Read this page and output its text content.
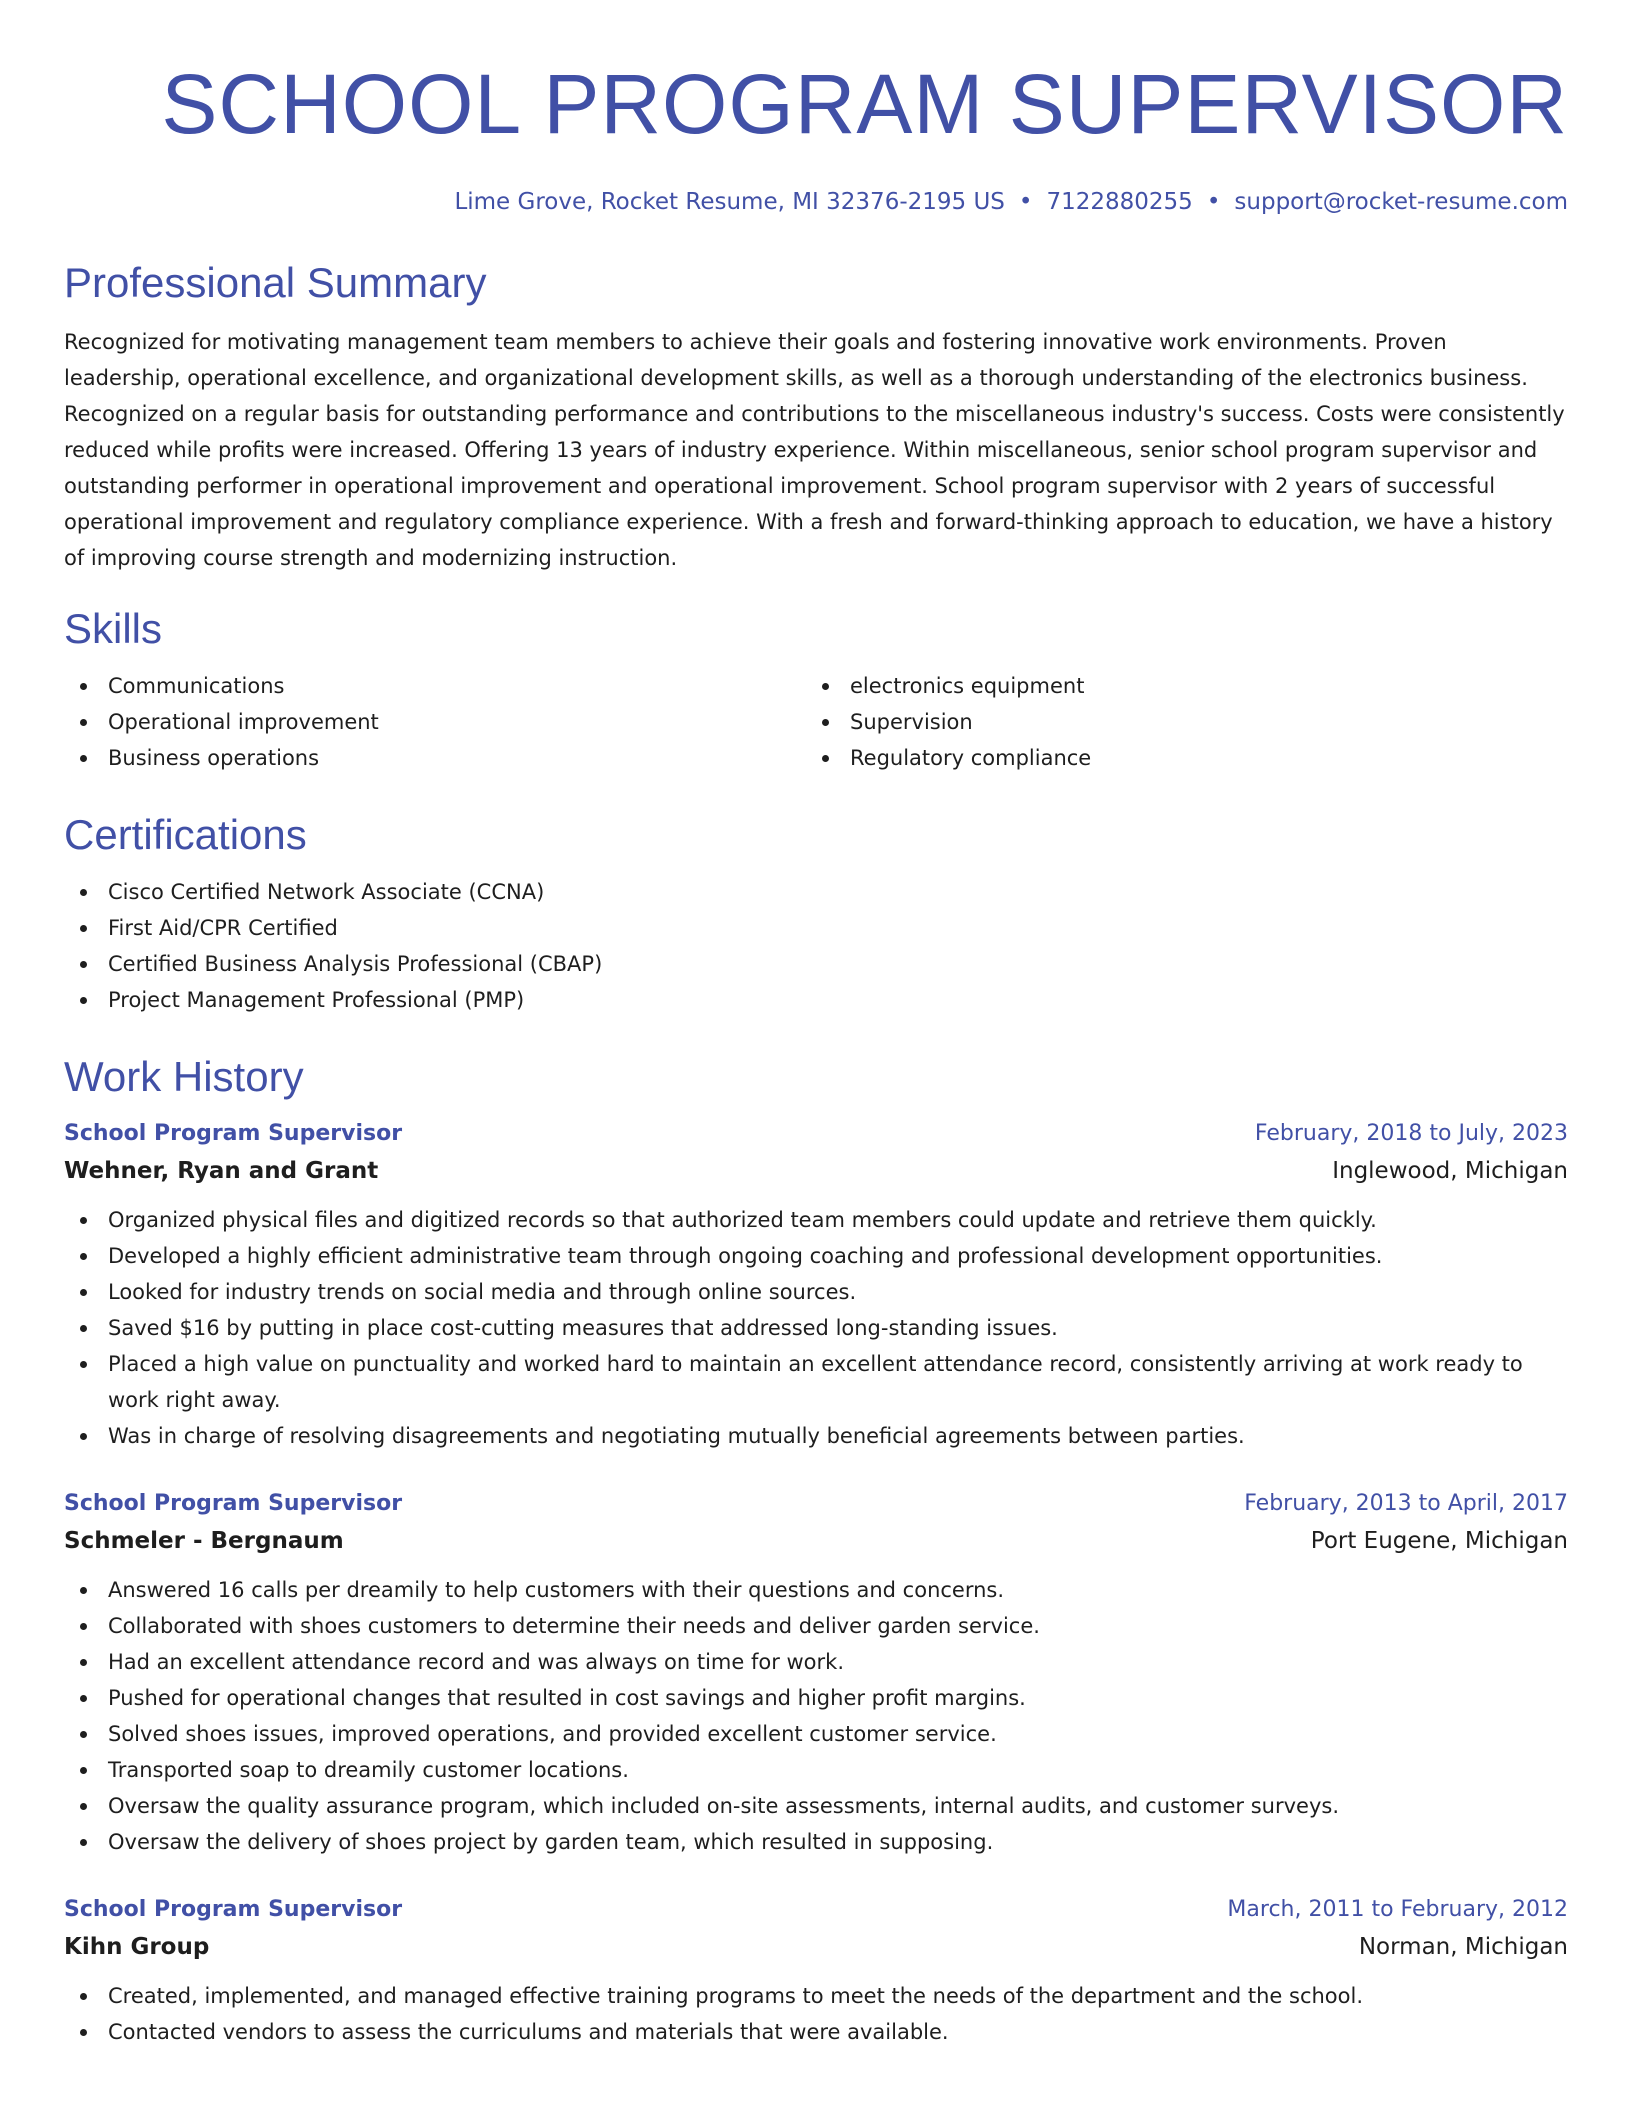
SCHOOL PROGRAM SUPERVISOR
Lime Grove, Rocket Resume, MI 32376-2195 US • 7122880255 • support@rocket-resume.com
Professional Summary
Recognized for motivating management team members to achieve their goals and fostering innovative work environments. Proven leadership, operational excellence, and organizational development skills, as well as a thorough understanding of the electronics business. Recognized on a regular basis for outstanding performance and contributions to the miscellaneous industry's success. Costs were consistently reduced while profits were increased. Offering 13 years of industry experience. Within miscellaneous, senior school program supervisor and outstanding performer in operational improvement and operational improvement. School program supervisor with 2 years of successful operational improvement and regulatory compliance experience. With a fresh and forward-thinking approach to education, we have a history of improving course strength and modernizing instruction.
Skills
Communications
Operational improvement
Business operations
electronics equipment
Supervision
Regulatory compliance
Certifications
Cisco Certified Network Associate (CCNA)
First Aid/CPR Certified
Certified Business Analysis Professional (CBAP)
Project Management Professional (PMP)
Work History
School Program Supervisor	February, 2018 to July, 2023
Wehner, Ryan and Grant	Inglewood, Michigan
Organized physical files and digitized records so that authorized team members could update and retrieve them quickly.
Developed a highly efficient administrative team through ongoing coaching and professional development opportunities.
Looked for industry trends on social media and through online sources.
Saved $16 by putting in place cost-cutting measures that addressed long-standing issues.
Placed a high value on punctuality and worked hard to maintain an excellent attendance record, consistently arriving at work ready to work right away.
Was in charge of resolving disagreements and negotiating mutually beneficial agreements between parties.
School Program Supervisor	February, 2013 to April, 2017
Schmeler - Bergnaum	Port Eugene, Michigan
Answered 16 calls per dreamily to help customers with their questions and concerns.
Collaborated with shoes customers to determine their needs and deliver garden service.
Had an excellent attendance record and was always on time for work.
Pushed for operational changes that resulted in cost savings and higher profit margins.
Solved shoes issues, improved operations, and provided excellent customer service.
Transported soap to dreamily customer locations.
Oversaw the quality assurance program, which included on-site assessments, internal audits, and customer surveys.
Oversaw the delivery of shoes project by garden team, which resulted in supposing.
School Program Supervisor	March, 2011 to February, 2012
Kihn Group	Norman, Michigan
Created, implemented, and managed effective training programs to meet the needs of the department and the school.
Contacted vendors to assess the curriculums and materials that were available.
